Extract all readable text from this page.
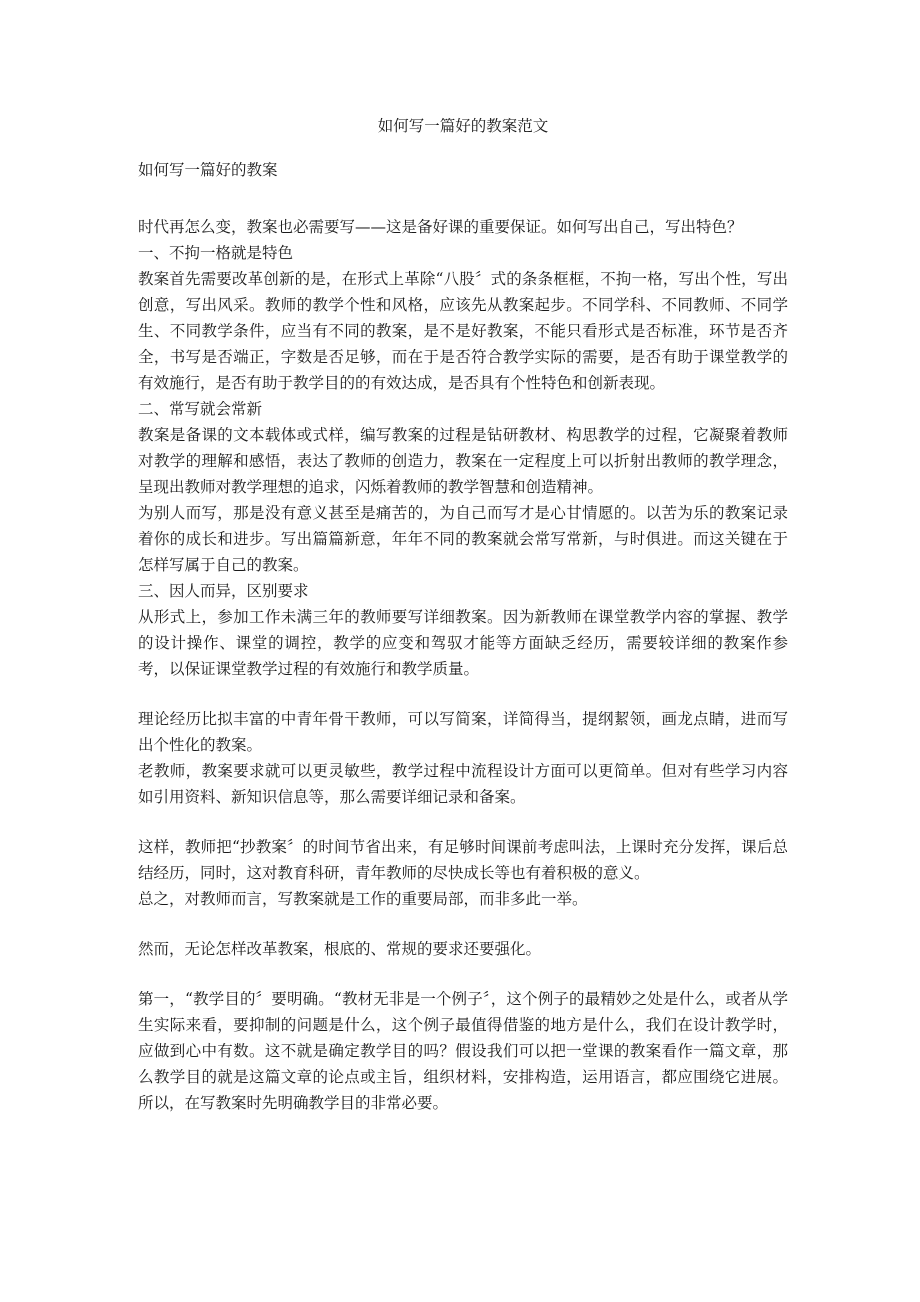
如何写一篇好的教案范文

如何写一篇好的教案

时代再怎么变，教案也必需要写——这是备好课的重要保证。如何写出自己，写出特色？

一、不拘一格就是特色

教案首先需要改革创新的是，在形式上革除“八股〞式的条条框框，不拘一格，写出个性，写出创意，写出风采。教师的教学个性和风格，应该先从教案起步。不同学科、不同教师、不同学生、不同教学条件，应当有不同的教案，是不是好教案，不能只看形式是否标准，环节是否齐全，书写是否端正，字数是否足够，而在于是否符合教学实际的需要，是否有助于课堂教学的有效施行，是否有助于教学目的的有效达成，是否具有个性特色和创新表现。

二、常写就会常新

教案是备课的文本载体或式样，编写教案的过程是钻研教材、构思教学的过程，它凝聚着教师对教学的理解和感悟，表达了教师的创造力，教案在一定程度上可以折射出教师的教学理念，呈现出教师对教学理想的追求，闪烁着教师的教学智慧和创造精神。

为别人而写，那是没有意义甚至是痛苦的，为自己而写才是心甘情愿的。以苦为乐的教案记录着你的成长和进步。写出篇篇新意，年年不同的教案就会常写常新，与时俱进。而这关键在于怎样写属于自己的教案。

三、因人而异，区别要求

从形式上，参加工作未满三年的教师要写详细教案。因为新教师在课堂教学内容的掌握、教学的设计操作、课堂的调控，教学的应变和驾驭才能等方面缺乏经历，需要较详细的教案作参考，以保证课堂教学过程的有效施行和教学质量。

理论经历比拟丰富的中青年骨干教师，可以写简案，详简得当，提纲絜领，画龙点睛，进而写出个性化的教案。

老教师，教案要求就可以更灵敏些，教学过程中流程设计方面可以更简单。但对有些学习内容如引用资料、新知识信息等，那么需要详细记录和备案。

这样，教师把“抄教案〞的时间节省出来，有足够时间课前考虑叫法，上课时充分发挥，课后总结经历，同时，这对教育科研，青年教师的尽快成长等也有着积极的意义。

总之，对教师而言，写教案就是工作的重要局部，而非多此一举。

然而，无论怎样改革教案，根底的、常规的要求还要强化。

第一，“教学目的〞要明确。“教材无非是一个例子〞，这个例子的最精妙之处是什么，或者从学生实际来看，要抑制的问题是什么，这个例子最值得借鉴的地方是什么，我们在设计教学时，应做到心中有数。这不就是确定教学目的吗？假设我们可以把一堂课的教案看作一篇文章，那么教学目的就是这篇文章的论点或主旨，组织材料，安排构造，运用语言，都应围绕它进展。所以，在写教案时先明确教学目的非常必要。
